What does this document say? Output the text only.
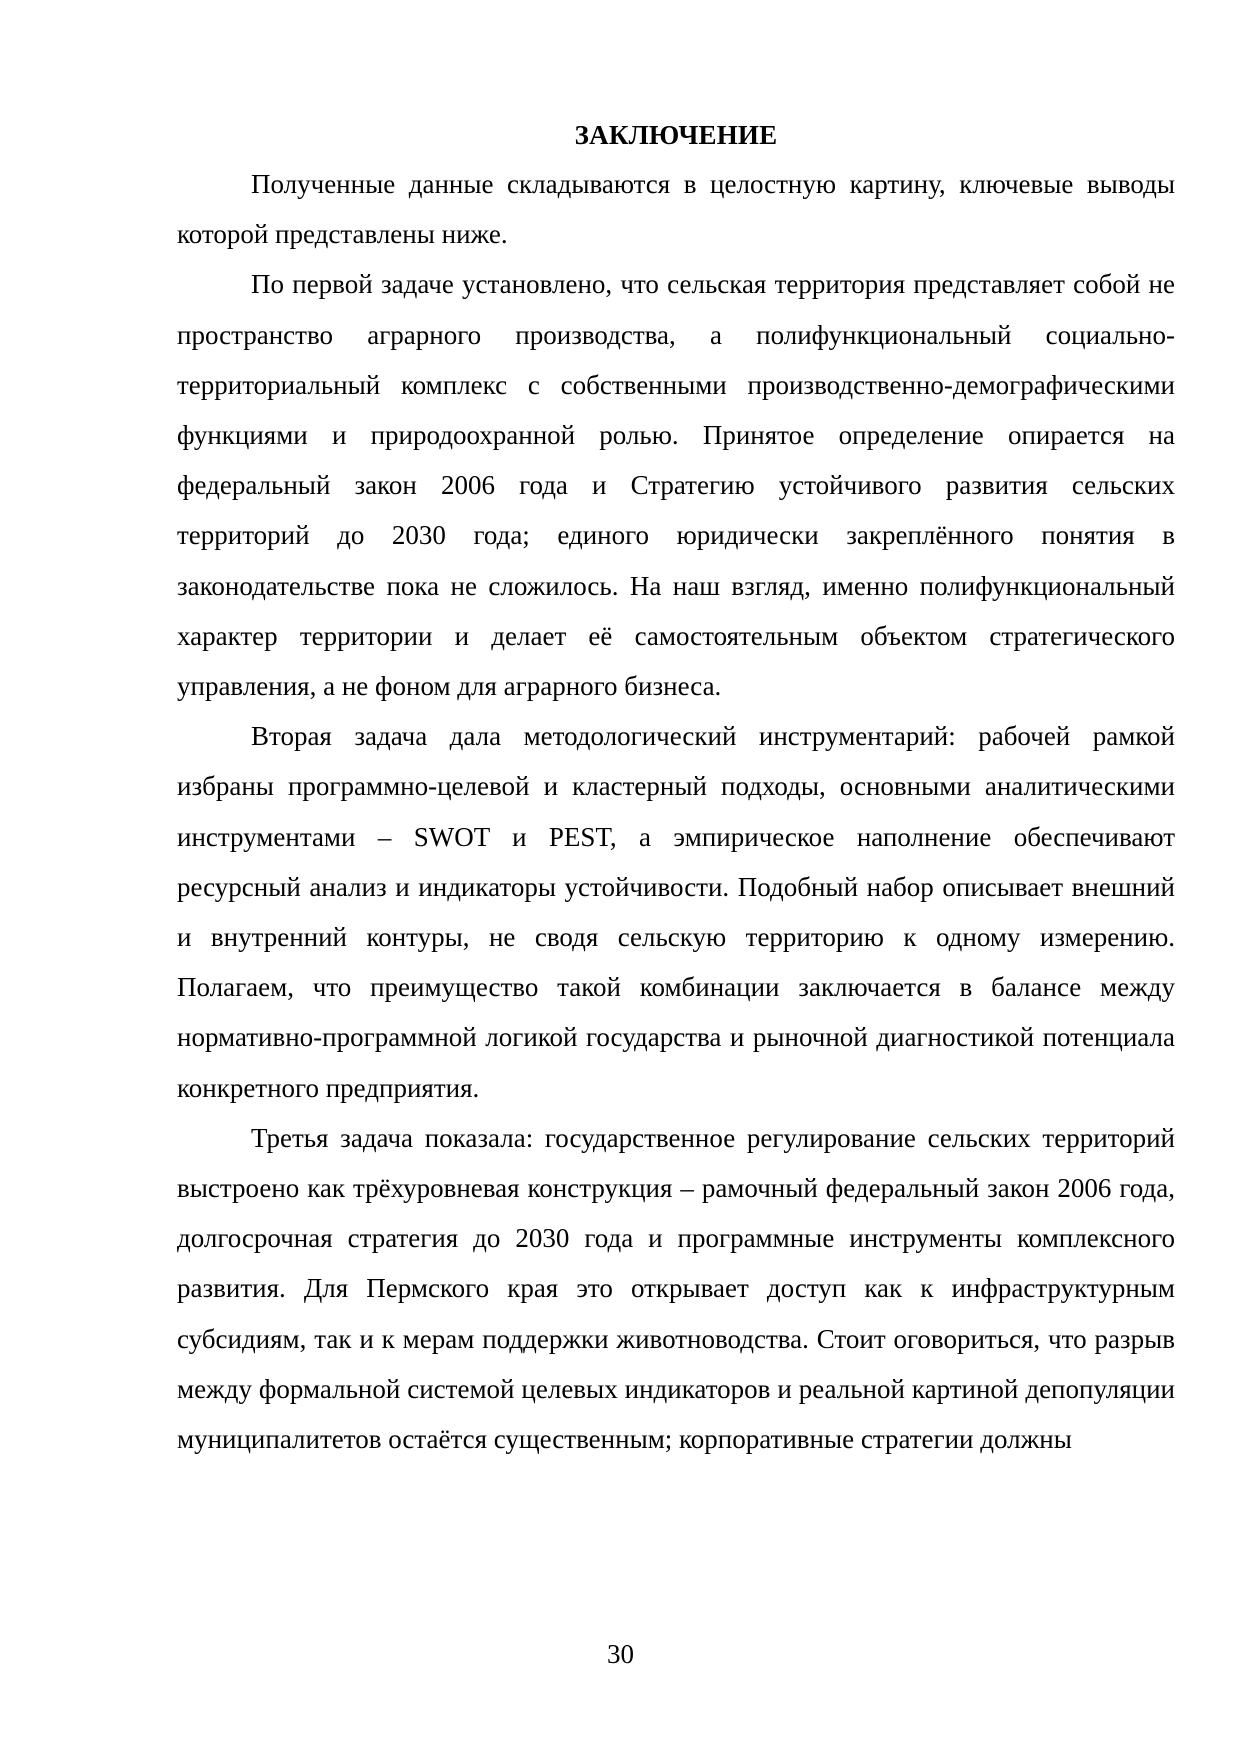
ЗАКЛЮЧЕНИЕ

Полученные данные складываются в целостную картину, ключевые выводы которой представлены ниже.

По первой задаче установлено, что сельская территория представляет собой не пространство аграрного производства, а полифункциональный социально-территориальный комплекс с собственными производственно-демографическими функциями и природоохранной ролью. Принятое определение опирается на федеральный закон 2006 года и Стратегию устойчивого развития сельских территорий до 2030 года; единого юридически закреплённого понятия в законодательстве пока не сложилось. На наш взгляд, именно полифункциональный характер территории и делает её самостоятельным объектом стратегического управления, а не фоном для аграрного бизнеса.

Вторая задача дала методологический инструментарий: рабочей рамкой избраны программно-целевой и кластерный подходы, основными аналитическими инструментами – SWOT и PEST, а эмпирическое наполнение обеспечивают ресурсный анализ и индикаторы устойчивости. Подобный набор описывает внешний и внутренний контуры, не сводя сельскую территорию к одному измерению. Полагаем, что преимущество такой комбинации заключается в балансе между нормативно-программной логикой государства и рыночной диагностикой потенциала конкретного предприятия.

Третья задача показала: государственное регулирование сельских территорий выстроено как трёхуровневая конструкция – рамочный федеральный закон 2006 года, долгосрочная стратегия до 2030 года и программные инструменты комплексного развития. Для Пермского края это открывает доступ как к инфраструктурным субсидиям, так и к мерам поддержки животноводства. Стоит оговориться, что разрыв между формальной системой целевых индикаторов и реальной картиной депопуляции муниципалитетов остаётся существенным; корпоративные стратегии должны

30
